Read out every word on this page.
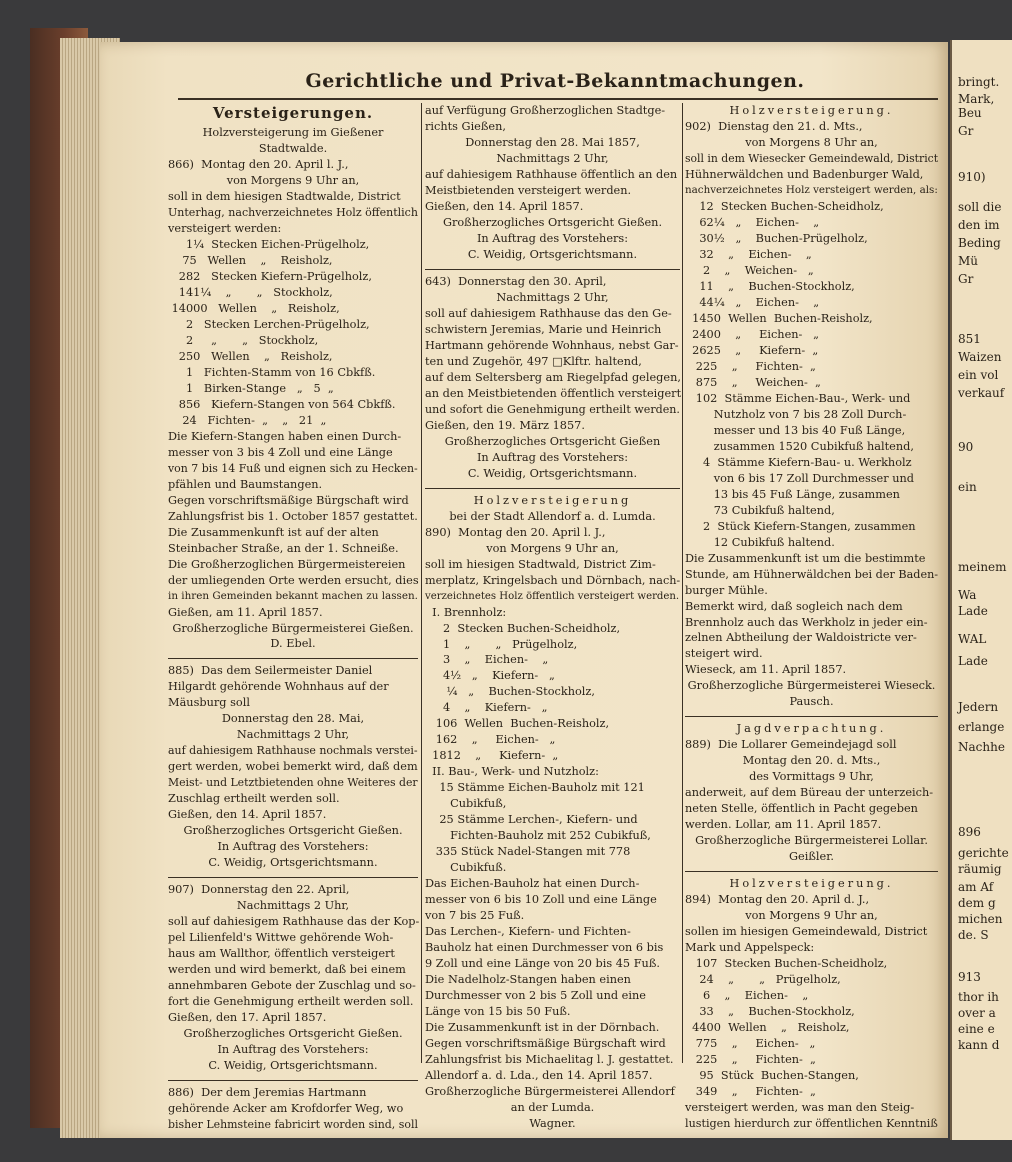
Gerichtliche und Privat-Bekanntmachungen.
Versteigerungen.
Holzversteigerung im Gießener
Stadtwalde.
866)  Montag den 20. April l. J.,
von Morgens 9 Uhr an,
soll in dem hiesigen Stadtwalde, District
Unterhag, nachverzeichnetes Holz öffentlich
versteigert werden:
1¼  Stecken Eichen-Prügelholz,
75   Wellen    „    Reisholz,
282   Stecken Kiefern-Prügelholz,
141¼    „       „   Stockholz,
14000   Wellen    „   Reisholz,
2   Stecken Lerchen-Prügelholz,
2     „       „   Stockholz,
250   Wellen    „   Reisholz,
1   Fichten-Stamm von 16 Cbkfß.
1   Birken-Stange   „   5  „
856   Kiefern-Stangen von 564 Cbkfß.
24   Fichten-  „    „   21  „
Die Kiefern-Stangen haben einen Durch-
messer von 3 bis 4 Zoll und eine Länge
von 7 bis 14 Fuß und eignen sich zu Hecken-
pfählen und Baumstangen.
Gegen vorschriftsmäßige Bürgschaft wird
Zahlungsfrist bis 1. October 1857 gestattet.
Die Zusammenkunft ist auf der alten
Steinbacher Straße, an der 1. Schneiße.
Die Großherzoglichen Bürgermeistereien
der umliegenden Orte werden ersucht, dies
in ihren Gemeinden bekannt machen zu lassen.
Gießen, am 11. April 1857.
Großherzogliche Bürgermeisterei Gießen.
D. Ebel.
885)  Das dem Seilermeister Daniel
Hilgardt gehörende Wohnhaus auf der
Mäusburg soll
Donnerstag den 28. Mai,
Nachmittags 2 Uhr,
auf dahiesigem Rathhause nochmals verstei-
gert werden, wobei bemerkt wird, daß dem
Meist- und Letztbietenden ohne Weiteres der
Zuschlag ertheilt werden soll.
Gießen, den 14. April 1857.
Großherzogliches Ortsgericht Gießen.
In Auftrag des Vorstehers:
C. Weidig, Ortsgerichtsmann.
907)  Donnerstag den 22. April,
Nachmittags 2 Uhr,
soll auf dahiesigem Rathhause das der Kop-
pel Lilienfeld's Wittwe gehörende Woh-
haus am Wallthor, öffentlich versteigert
werden und wird bemerkt, daß bei einem
annehmbaren Gebote der Zuschlag und so-
fort die Genehmigung ertheilt werden soll.
Gießen, den 17. April 1857.
Großherzogliches Ortsgericht Gießen.
In Auftrag des Vorstehers:
C. Weidig, Ortsgerichtsmann.
886)  Der dem Jeremias Hartmann
gehörende Acker am Krofdorfer Weg, wo
bisher Lehmsteine fabricirt worden sind, soll
auf Verfügung Großherzoglichen Stadtge-
richts Gießen,
Donnerstag den 28. Mai 1857,
Nachmittags 2 Uhr,
auf dahiesigem Rathhause öffentlich an den
Meistbietenden versteigert werden.
Gießen, den 14. April 1857.
Großherzogliches Ortsgericht Gießen.
In Auftrag des Vorstehers:
C. Weidig, Ortsgerichtsmann.
643)  Donnerstag den 30. April,
Nachmittags 2 Uhr,
soll auf dahiesigem Rathhause das den Ge-
schwistern Jeremias, Marie und Heinrich
Hartmann gehörende Wohnhaus, nebst Gar-
ten und Zugehör, 497 □Klftr. haltend,
auf dem Seltersberg am Riegelpfad gelegen,
an den Meistbietenden öffentlich versteigert
und sofort die Genehmigung ertheilt werden.
Gießen, den 19. März 1857.
Großherzogliches Ortsgericht Gießen
In Auftrag des Vorstehers:
C. Weidig, Ortsgerichtsmann.
Holzversteigerung
bei der Stadt Allendorf a. d. Lumda.
890)  Montag den 20. April l. J.,
von Morgens 9 Uhr an,
soll im hiesigen Stadtwald, District Zim-
merplatz, Kringelsbach und Dörnbach, nach-
verzeichnetes Holz öffentlich versteigert werden.
I. Brennholz:
2  Stecken Buchen-Scheidholz,
1    „       „   Prügelholz,
3    „    Eichen-    „
4½   „    Kiefern-   „
¼   „    Buchen-Stockholz,
4    „    Kiefern-   „
106  Wellen  Buchen-Reisholz,
162    „     Eichen-   „
1812    „     Kiefern-  „
II. Bau-, Werk- und Nutzholz:
15 Stämme Eichen-Bauholz mit 121
Cubikfuß,
25 Stämme Lerchen-, Kiefern- und
Fichten-Bauholz mit 252 Cubikfuß,
335 Stück Nadel-Stangen mit 778
Cubikfuß.
Das Eichen-Bauholz hat einen Durch-
messer von 6 bis 10 Zoll und eine Länge
von 7 bis 25 Fuß.
Das Lerchen-, Kiefern- und Fichten-
Bauholz hat einen Durchmesser von 6 bis
9 Zoll und eine Länge von 20 bis 45 Fuß.
Die Nadelholz-Stangen haben einen
Durchmesser von 2 bis 5 Zoll und eine
Länge von 15 bis 50 Fuß.
Die Zusammenkunft ist in der Dörnbach.
Gegen vorschriftsmäßige Bürgschaft wird
Zahlungsfrist bis Michaelitag l. J. gestattet.
Allendorf a. d. Lda., den 14. April 1857.
Großherzogliche Bürgermeisterei Allendorf
an der Lumda.
Wagner.
Holzversteigerung.
902)  Dienstag den 21. d. Mts.,
von Morgens 8 Uhr an,
soll in dem Wiesecker Gemeindewald, District
Hühnerwäldchen und Badenburger Wald,
nachverzeichnetes Holz versteigert werden, als:
12  Stecken Buchen-Scheidholz,
62¼   „    Eichen-    „
30½   „    Buchen-Prügelholz,
32    „    Eichen-    „
2    „    Weichen-   „
11    „    Buchen-Stockholz,
44¼   „    Eichen-    „
1450  Wellen  Buchen-Reisholz,
2400    „     Eichen-   „
2625    „     Kiefern-  „
225    „     Fichten-  „
875    „     Weichen-  „
102  Stämme Eichen-Bau-, Werk- und
Nutzholz von 7 bis 28 Zoll Durch-
messer und 13 bis 40 Fuß Länge,
zusammen 1520 Cubikfuß haltend,
4  Stämme Kiefern-Bau- u. Werkholz
von 6 bis 17 Zoll Durchmesser und
13 bis 45 Fuß Länge, zusammen
73 Cubikfuß haltend,
2  Stück Kiefern-Stangen, zusammen
12 Cubikfuß haltend.
Die Zusammenkunft ist um die bestimmte
Stunde, am Hühnerwäldchen bei der Baden-
burger Mühle.
Bemerkt wird, daß sogleich nach dem
Brennholz auch das Werkholz in jeder ein-
zelnen Abtheilung der Waldoistricte ver-
steigert wird.
Wieseck, am 11. April 1857.
Großherzogliche Bürgermeisterei Wieseck.
Pausch.
Jagdverpachtung.
889)  Die Lollarer Gemeindejagd soll
Montag den 20. d. Mts.,
des Vormittags 9 Uhr,
anderweit, auf dem Büreau der unterzeich-
neten Stelle, öffentlich in Pacht gegeben
werden. Lollar, am 11. April 1857.
Großherzogliche Bürgermeisterei Lollar.
Geißler.
Holzversteigerung.
894)  Montag den 20. April d. J.,
von Morgens 9 Uhr an,
sollen im hiesigen Gemeindewald, District
Mark und Appelspeck:
107  Stecken Buchen-Scheidholz,
24    „       „   Prügelholz,
6    „    Eichen-    „
33    „    Buchen-Stockholz,
4400  Wellen    „   Reisholz,
775    „     Eichen-   „
225    „     Fichten-  „
95  Stück  Buchen-Stangen,
349    „     Fichten-  „
versteigert werden, was man den Steig-
lustigen hierdurch zur öffentlichen Kenntniß
bringt.
Mark,
Beu
Gr
910)
soll die
den im
Beding
Mü
Gr
851
Waizen
ein vol
verkauf
90
ein
meinem
Wa
Lade
WAL
Lade
Jedern
erlange
Nachhe
896
gerichte
räumig
am Af
dem g
michen
de. S
913
thor ih
over a
eine e
kann d
